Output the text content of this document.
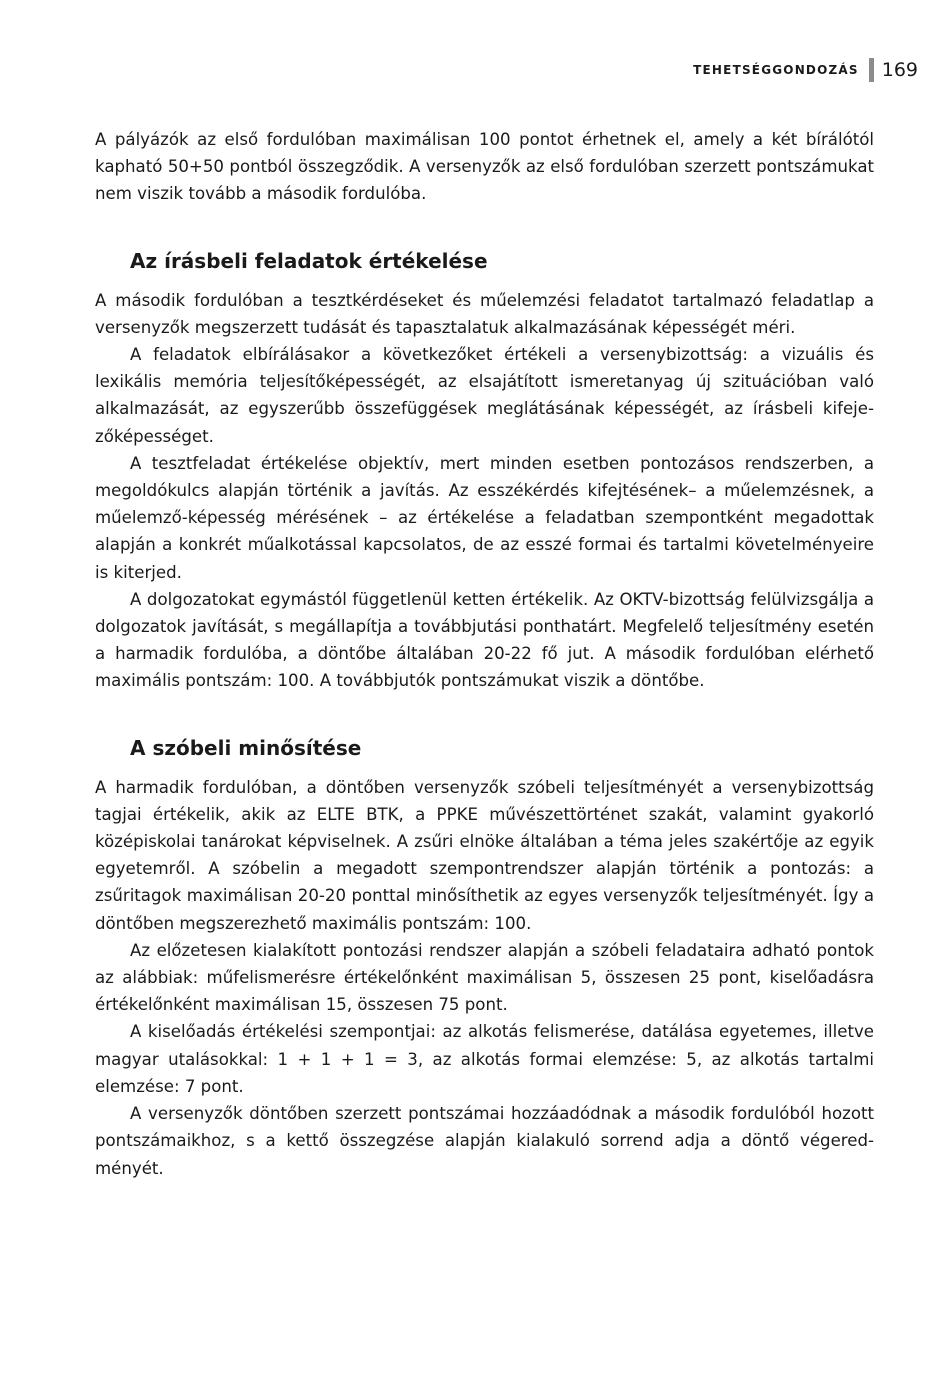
TEHETSÉGGONDOZÁS 169

A pályázók az első fordulóban maximálisan 100 pontot érhetnek el, amely a két bírálótól kapható 50+50 pontból összegződik. A versenyzők az első fordulóban szerzett pontszámukat nem viszik tovább a második fordulóba.

Az írásbeli feladatok értékelése

A második fordulóban a tesztkérdéseket és műelemzési feladatot tartalmazó feladatlap a versenyzők megszerzett tudását és tapasztalatuk alkalmazásának képességét méri.

A feladatok elbírálásakor a következőket értékeli a versenybizottság: a vizuális és lexikális memória teljesítőképességét, az elsajátított ismeretanyag új szituációban való alkalmazását, az egyszerűbb összefüggések meglátásának képességét, az írásbeli kifejezőképességet.

A tesztfeladat értékelése objektív, mert minden esetben pontozásos rendszerben, a megoldókulcs alapján történik a javítás. Az esszékérdés kifejtésének– a műelemzésnek, a műelemző-képesség mérésének – az értékelése a feladatban szempontként megadottak alapján a konkrét műalkotással kapcsolatos, de az esszé formai és tartalmi követelményeire is kiterjed.

A dolgozatokat egymástól függetlenül ketten értékelik. Az OKTV-bizottság felülvizsgálja a dolgozatok javítását, s megállapítja a továbbjutási ponthatárt. Megfelelő teljesítmény esetén a harmadik fordulóba, a döntőbe általában 20-22 fő jut. A második fordulóban elérhető maximális pontszám: 100. A továbbjutók pontszámukat viszik a döntőbe.

A szóbeli minősítése

A harmadik fordulóban, a döntőben versenyzők szóbeli teljesítményét a versenybizottság tagjai értékelik, akik az ELTE BTK, a PPKE művészettörténet szakát, valamint gyakorló középiskolai tanárokat képviselnek. A zsűri elnöke általában a téma jeles szakértője az egyik egyetemről. A szóbelin a megadott szempontrendszer alapján történik a pontozás: a zsűritagok maximálisan 20-20 ponttal minősíthetik az egyes versenyzők teljesítményét. Így a döntőben megszerezhető maximális pontszám: 100.

Az előzetesen kialakított pontozási rendszer alapján a szóbeli feladataira adható pontok az alábbiak: műfelismerésre értékelőnként maximálisan 5, összesen 25 pont, kiselőadásra értékelőnként maximálisan 15, összesen 75 pont.

A kiselőadás értékelési szempontjai: az alkotás felismerése, datálása egyetemes, illetve magyar utalásokkal: 1 + 1 + 1 = 3, az alkotás formai elemzése: 5, az alkotás tartalmi elemzése: 7 pont.

A versenyzők döntőben szerzett pontszámai hozzáadódnak a második fordulóból hozott pontszámaikhoz, s a kettő összegzése alapján kialakuló sorrend adja a döntő végeredményét.
